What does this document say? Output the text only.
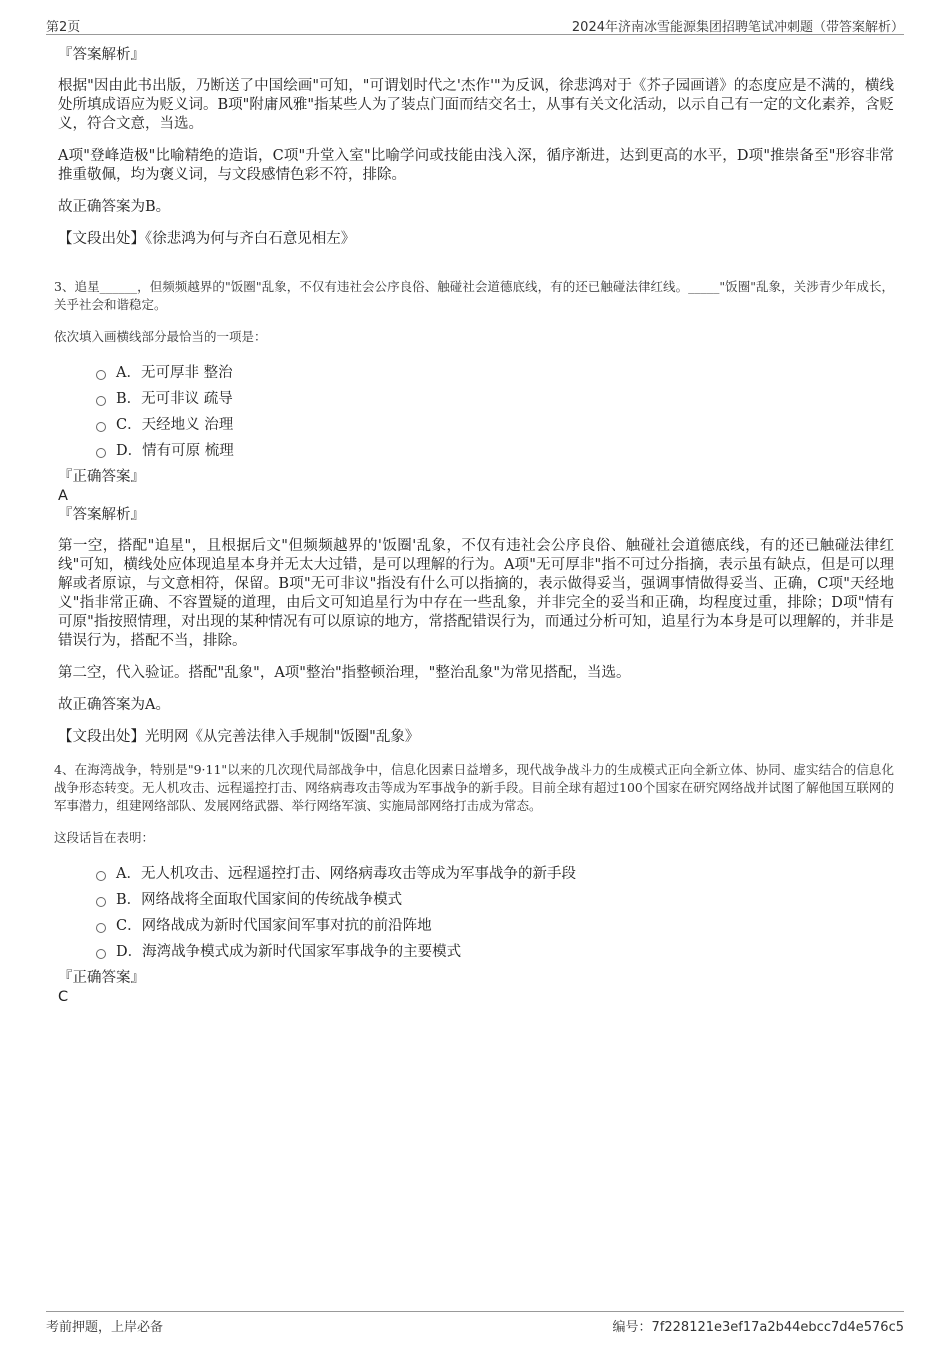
第2页	2024年济南冰雪能源集团招聘笔试冲刺题（带答案解析）

『答案解析』

根据"因由此书出版，乃断送了中国绘画"可知，"可谓划时代之'杰作'"为反讽，徐悲鸿对于《芥子园画谱》的态度应是不满的，横线处所填成语应为贬义词。B项"附庸风雅"指某些人为了装点门面而结交名士，从事有关文化活动，以示自己有一定的文化素养，含贬义，符合文意，当选。

A项"登峰造极"比喻精绝的造诣，C项"升堂入室"比喻学问或技能由浅入深，循序渐进，达到更高的水平，D项"推崇备至"形容非常推重敬佩，均为褒义词，与文段感情色彩不符，排除。

故正确答案为B。

【文段出处】《徐悲鸿为何与齐白石意见相左》

3、追星______，但频频越界的"饭圈"乱象，不仅有违社会公序良俗、触碰社会道德底线，有的还已触碰法律红线。_____"饭圈"乱象，关涉青少年成长，关乎社会和谐稳定。

依次填入画横线部分最恰当的一项是：

A．无可厚非 整治
B．无可非议 疏导
C．天经地义 治理
D．情有可原 梳理

『正确答案』

A

『答案解析』

第一空，搭配"追星"，且根据后文"但频频越界的'饭圈'乱象，不仅有违社会公序良俗、触碰社会道德底线，有的还已触碰法律红线"可知，横线处应体现追星本身并无太大过错，是可以理解的行为。A项"无可厚非"指不可过分指摘，表示虽有缺点，但是可以理解或者原谅，与文意相符，保留。B项"无可非议"指没有什么可以指摘的，表示做得妥当，强调事情做得妥当、正确，C项"天经地义"指非常正确、不容置疑的道理，由后文可知追星行为中存在一些乱象，并非完全的妥当和正确，均程度过重，排除；D项"情有可原"指按照情理，对出现的某种情况有可以原谅的地方，常搭配错误行为，而通过分析可知，追星行为本身是可以理解的，并非是错误行为，搭配不当，排除。

第二空，代入验证。搭配"乱象"，A项"整治"指整顿治理，"整治乱象"为常见搭配，当选。

故正确答案为A。

【文段出处】光明网《从完善法律入手规制"饭圈"乱象》

4、在海湾战争，特别是"9·11"以来的几次现代局部战争中，信息化因素日益增多，现代战争战斗力的生成模式正向全新立体、协同、虚实结合的信息化战争形态转变。无人机攻击、远程遥控打击、网络病毒攻击等成为军事战争的新手段。目前全球有超过100个国家在研究网络战并试图了解他国互联网的军事潜力，组建网络部队、发展网络武器、举行网络军演、实施局部网络打击成为常态。

这段话旨在表明：

A．无人机攻击、远程遥控打击、网络病毒攻击等成为军事战争的新手段
B．网络战将全面取代国家间的传统战争模式
C．网络战成为新时代国家间军事对抗的前沿阵地
D．海湾战争模式成为新时代国家军事战争的主要模式

『正确答案』

C

考前押题，上岸必备	编号：7f228121e3ef17a2b44ebcc7d4e576c5
